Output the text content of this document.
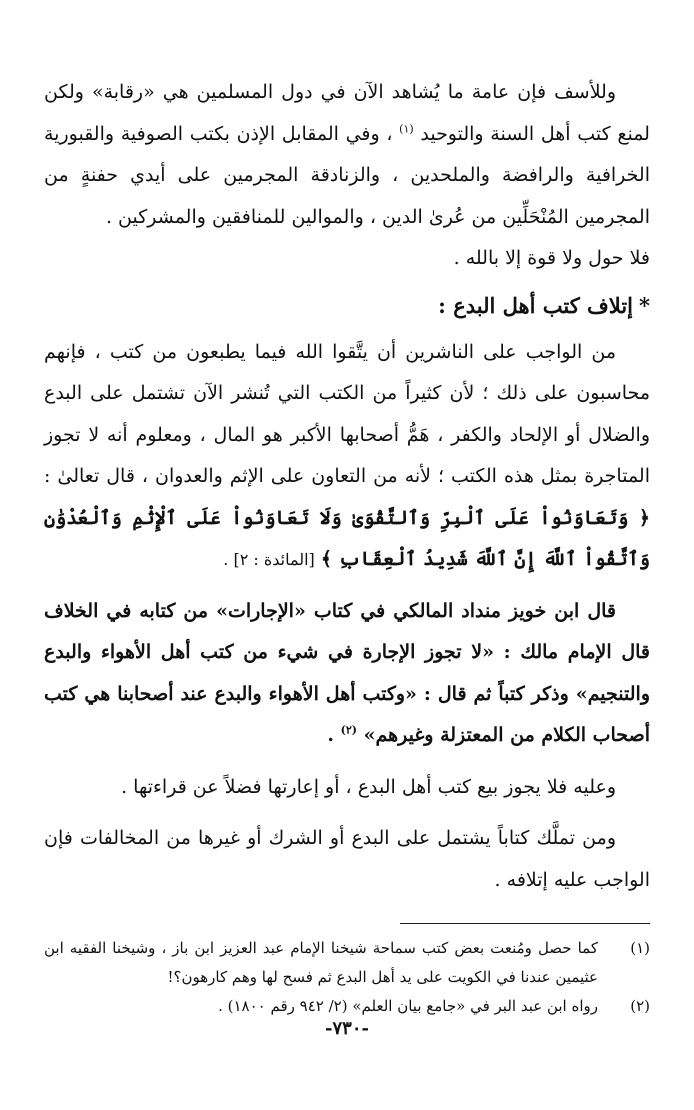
وللأسف فإن عامة ما يُشاهد الآن في دول المسلمين هي «رقابة» ولكن لمنع كتب أهل السنة والتوحيد $^{(١)}$ ، وفي المقابل الإذن بكتب الصوفية والقبورية الخرافية والرافضة والملحدين ، والزنادقة المجرمين على أيدي حفنةٍ من المجرمين المُنْحَلِّين من عُرىٰ الدين ، والموالين للمنافقين والمشركين .

فلا حول ولا قوة إلا بالله .

*إتلاف كتب أهل البدع :

من الواجب على الناشرين أن يتَّقوا الله فيما يطبعون من كتب ، فإنهم محاسبون على ذلك ؛ لأن كثيراً من الكتب التي تُنشر الآن تشتمل على البدع والضلال أو الإلحاد والكفر ، هَمُّ أصحابها الأكبر هو المال ، ومعلوم أنه لا تجوز المتاجرة بمثل هذه الكتب ؛ لأنه من التعاون على الإثم والعدوان ، قال تعالىٰ : ﴿ وَتَعَاوَنُواْ عَلَى ٱلْبِرِّ وَٱلتَّقْوَىٰ وَلَا تَعَاوَنُواْ عَلَى ٱلْإِثْمِ وَٱلْعُدْوَٰنِ وَٱتَّقُواْ ٱللَّهَ إِنَّ ٱللَّهَ شَدِيدُ ٱلْعِقَابِ ﴾ [المائدة : ٢] .

قال ابن خويز منداد المالكي في كتاب «الإجارات» من كتابه في الخلاف قال الإمام مالك : «لا تجوز الإجارة في شيء من كتب أهل الأهواء والبدع والتنجيم» وذكر كتباً ثم قال : «وكتب أهل الأهواء والبدع عند أصحابنا هي كتب أصحاب الكلام من المعتزلة وغيرهم» $^{(٢)}$ .

وعليه فلا يجوز بيع كتب أهل البدع ، أو إعارتها فضلاً عن قراءتها .

ومن تملَّك كتاباً يشتمل على البدع أو الشرك أو غيرها من المخالفات فإن الواجب عليه إتلافه .

(١)
كما حصل ومُنعت بعض كتب سماحة شيخنا الإمام عبد العزيز ابن باز ، وشيخنا الفقيه ابن عثيمين عندنا في الكويت على يد أهل البدع ثم فسح لها وهم كارهون؟!
(٢)
رواه ابن عبد البر في «جامع بيان العلم» (٢/ ٩٤٢ رقم ١٨٠٠) .
-٧٣٠-
